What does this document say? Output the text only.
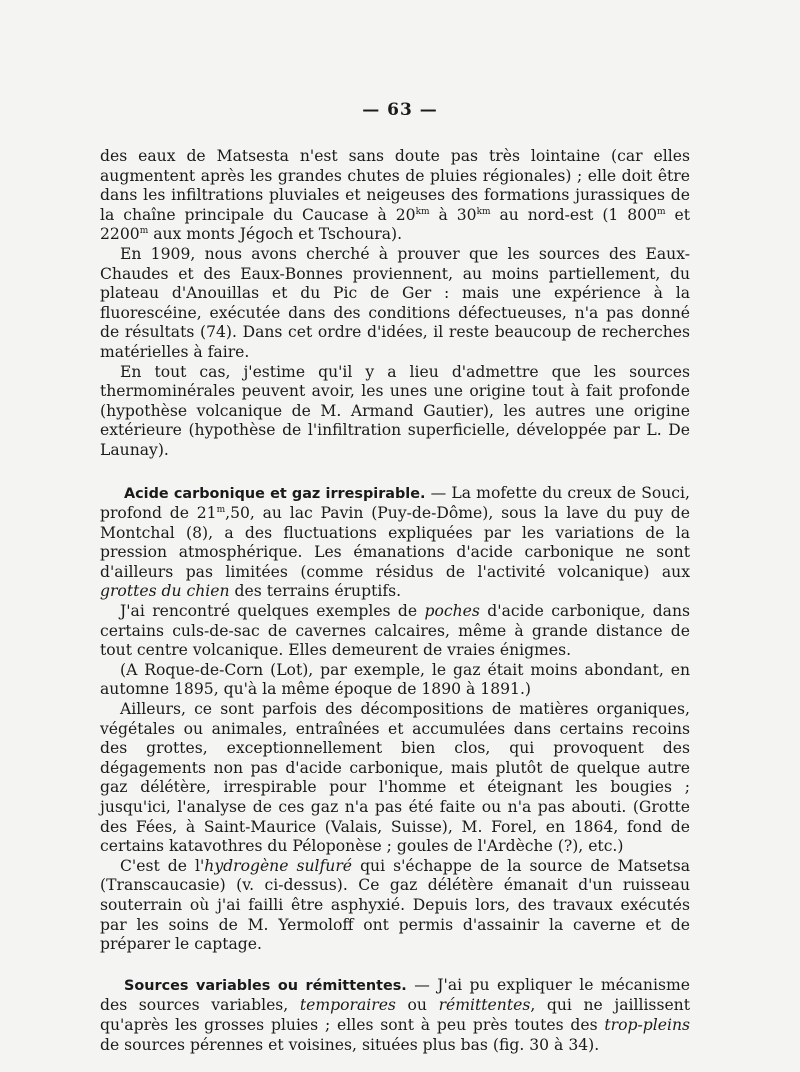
— 63 —

des eaux de Matsesta n'est sans doute pas très lointaine (car elles augmentent après les grandes chutes de pluies régionales) ; elle doit être dans les infiltrations pluviales et neigeuses des formations jurassiques de la chaîne principale du Caucase à $20^{km}$ à $30^{km}$ au nord-est (1 800$^m$ et 2200$^m$ aux monts Jégoch et Tschoura).

En 1909, nous avons cherché à prouver que les sources des Eaux-Chaudes et des Eaux-Bonnes proviennent, au moins partiellement, du plateau d'Anouillas et du Pic de Ger : mais une expérience à la fluorescéine, exécutée dans des conditions défectueuses, n'a pas donné de résultats (74). Dans cet ordre d'idées, il reste beaucoup de recherches matérielles à faire.

En tout cas, j'estime qu'il y a lieu d'admettre que les sources thermominérales peuvent avoir, les unes une origine tout à fait profonde (hypothèse volcanique de M. Armand Gautier), les autres une origine extérieure (hypothèse de l'infiltration superficielle, développée par L. De Launay).

Acide carbonique et gaz irrespirable. — La mofette du creux de Souci, profond de 21$^m$,50, au lac Pavin (Puy-de-Dôme), sous la lave du puy de Montchal (8), a des fluctuations expliquées par les variations de la pression atmosphérique. Les émanations d'acide carbonique ne sont d'ailleurs pas limitées (comme résidus de l'activité volcanique) aux grottes du chien des terrains éruptifs.

J'ai rencontré quelques exemples de poches d'acide carbonique, dans certains culs-de-sac de cavernes calcaires, même à grande distance de tout centre volcanique. Elles demeurent de vraies énigmes.

(A Roque-de-Corn (Lot), par exemple, le gaz était moins abondant, en automne 1895, qu'à la même époque de 1890 à 1891.)

Ailleurs, ce sont parfois des décompositions de matières organiques, végétales ou animales, entraînées et accumulées dans certains recoins des grottes, exceptionnellement bien clos, qui provoquent des dégagements non pas d'acide carbonique, mais plutôt de quelque autre gaz délétère, irrespirable pour l'homme et éteignant les bougies ; jusqu'ici, l'analyse de ces gaz n'a pas été faite ou n'a pas abouti. (Grotte des Fées, à Saint-Maurice (Valais, Suisse), M. Forel, en 1864, fond de certains katavothres du Péloponèse ; goules de l'Ardèche (?), etc.)

C'est de l'hydrogène sulfuré qui s'échappe de la source de Matsetsa (Transcaucasie) (v. ci-dessus). Ce gaz délétère émanait d'un ruisseau souterrain où j'ai failli être asphyxié. Depuis lors, des travaux exécutés par les soins de M. Yermoloff ont permis d'assainir la caverne et de préparer le captage.

Sources variables ou rémittentes. — J'ai pu expliquer le mécanisme des sources variables, temporaires ou rémittentes, qui ne jaillissent qu'après les grosses pluies ; elles sont à peu près toutes des trop-pleins de sources pérennes et voisines, situées plus bas (fig. 30 à 34).
